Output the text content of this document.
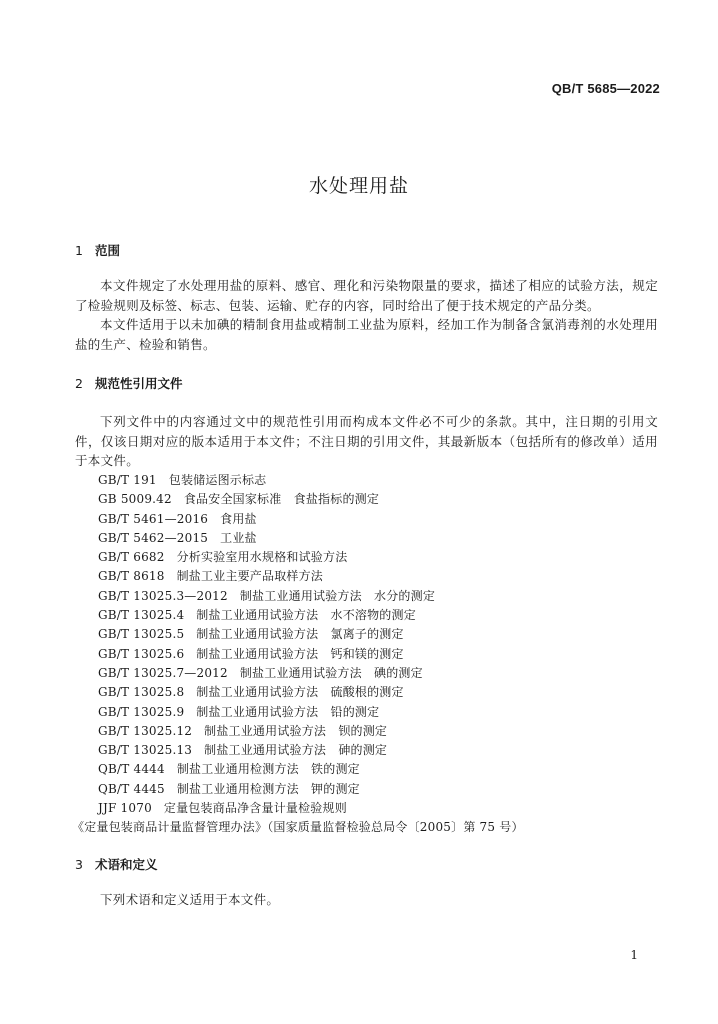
QB/T 5685—2022
水处理用盐
1 范围
本文件规定了水处理用盐的原料、感官、理化和污染物限量的要求，描述了相应的试验方法，规定了检验规则及标签、标志、包装、运输、贮存的内容，同时给出了便于技术规定的产品分类。
本文件适用于以未加碘的精制食用盐或精制工业盐为原料，经加工作为制备含氯消毒剂的水处理用盐的生产、检验和销售。
2 规范性引用文件
下列文件中的内容通过文中的规范性引用而构成本文件必不可少的条款。其中，注日期的引用文件，仅该日期对应的版本适用于本文件；不注日期的引用文件，其最新版本（包括所有的修改单）适用于本文件。
GB/T 191 包装储运图示标志
GB 5009.42 食品安全国家标准　食盐指标的测定
GB/T 5461—2016 食用盐
GB/T 5462—2015 工业盐
GB/T 6682 分析实验室用水规格和试验方法
GB/T 8618 制盐工业主要产品取样方法
GB/T 13025.3—2012 制盐工业通用试验方法　水分的测定
GB/T 13025.4 制盐工业通用试验方法　水不溶物的测定
GB/T 13025.5 制盐工业通用试验方法　氯离子的测定
GB/T 13025.6 制盐工业通用试验方法　钙和镁的测定
GB/T 13025.7—2012 制盐工业通用试验方法　碘的测定
GB/T 13025.8 制盐工业通用试验方法　硫酸根的测定
GB/T 13025.9 制盐工业通用试验方法　铅的测定
GB/T 13025.12 制盐工业通用试验方法　钡的测定
GB/T 13025.13 制盐工业通用试验方法　砷的测定
QB/T 4444 制盐工业通用检测方法　铁的测定
QB/T 4445 制盐工业通用检测方法　钾的测定
JJF 1070 定量包装商品净含量计量检验规则
《定量包装商品计量监督管理办法》（国家质量监督检验总局令〔2005〕第 75 号）
3 术语和定义
下列术语和定义适用于本文件。
1
